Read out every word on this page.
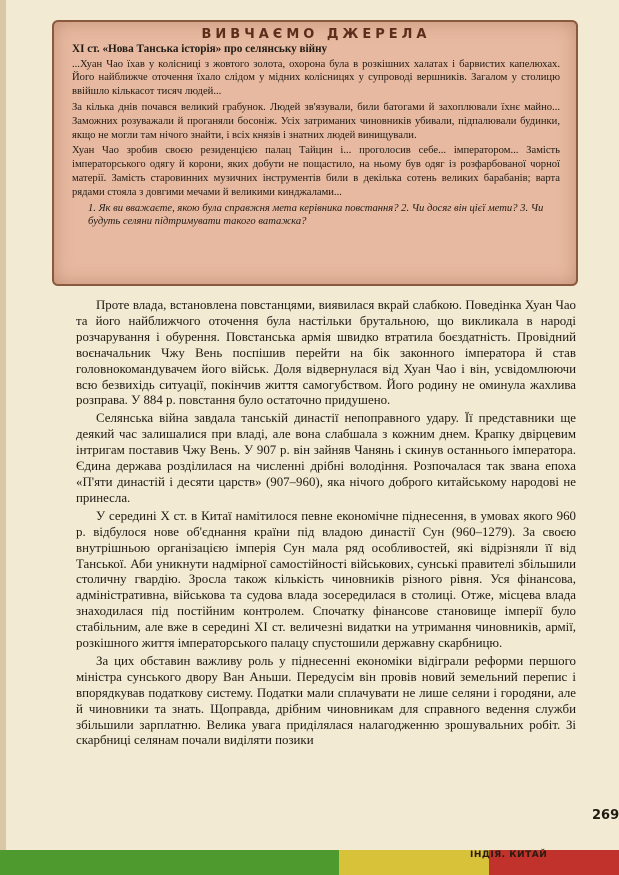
ВИВЧАЄМО ДЖЕРЕЛА

XI ст. «Нова Танська історія» про селянську війну

...Хуан Чао їхав у колісниці з жовтого золота, охорона була в розкішних халатах і барвистих капелюхах. Його найближче оточення їхало слідом у мідних колісницях у супроводі вершників. Загалом у столицю ввійшло кількасот тисяч людей...

За кілька днів почався великий грабунок. Людей зв'язували, били батогами й захоплювали їхнє майно... Заможних розуважали й проганяли босоніж. Усіх затриманих чиновників убивали, підпалювали будинки, якщо не могли там нічого знайти, і всіх князів і знатних людей винищували.

Хуан Чао зробив своєю резиденцією палац Тайцин і... проголосив себе... імператором... Замість імператорського одягу й корони, яких добути не пощастило, на ньому був одяг із розфарбованої чорної матерії. Замість старовинних музичних інструментів били в декілька сотень великих барабанів; варта рядами стояла з довгими мечами й великими кинджалами...

1. Як ви вважаєте, якою була справжня мета керівника повстання? 2. Чи досяг він цієї мети? 3. Чи будуть селяни підтримувати такого ватажка?

Проте влада, встановлена повстанцями, виявилася вкрай слабкою. Поведінка Хуан Чао та його найближчого оточення була настільки брутальною, що викликала в народі розчарування і обурення. Повстанська армія швидко втратила боєздатність. Провідний воєначальник Чжу Вень поспішив перейти на бік законного імператора й став головнокомандувачем його військ. Доля відвернулася від Хуан Чао і він, усвідомлюючи всю безвихідь ситуації, покінчив життя самогубством. Його родину не оминула жахлива розправа. У 884 р. повстання було остаточно придушено.

Селянська війна завдала танській династії непоправного удару. Її представники ще деякий час залишалися при владі, але вона слабшала з кожним днем. Крапку двірцевим інтригам поставив Чжу Вень. У 907 р. він зайняв Чанянь і скинув останнього імператора. Єдина держава розділилася на численні дрібні володіння. Розпочалася так звана епоха «П'яти династій і десяти царств» (907–960), яка нічого доброго китайському народові не принесла.

У середині X ст. в Китаї намітилося певне економічне піднесення, в умовах якого 960 р. відбулося нове об'єднання країни під владою династії Сун (960–1279). За своєю внутрішньою організацією імперія Сун мала ряд особливостей, які відрізняли її від Танської. Аби уникнути надмірної самостійності військових, сунські правителі збільшили столичну гвардію. Зросла також кількість чиновників різного рівня. Уся фінансова, адміністративна, військова та судова влада зосередилася в столиці. Отже, місцева влада знаходилася під постійним контролем. Спочатку фінансове становище імперії було стабільним, але вже в середині XI ст. величезні видатки на утримання чиновників, армії, розкішного життя імператорського палацу спустошили державну скарбницю.

За цих обставин важливу роль у піднесенні економіки відіграли реформи першого міністра сунського двору Ван Аньши. Передусім він провів новий земельний перепис і впорядкував податкову систему. Податки мали сплачувати не лише селяни і городяни, але й чиновники та знать. Щоправда, дрібним чиновникам для справного ведення служби збільшили зарплатню. Велика увага приділялася налагодженню зрошувальних робіт. Зі скарбниці селянам почали виділяти позики

269
ІНДІЯ. КИТАЙ
